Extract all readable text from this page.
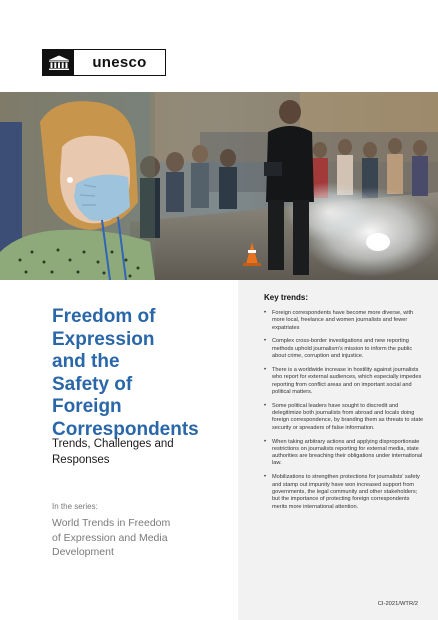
unesco
Freedom of
Expression
and the
Safety of
Foreign
Correspondents
Trends, Challenges and
Responses
In the series:
World Trends in Freedom
of Expression and Media
Development
Key trends:
• Foreign correspondents have become more diverse, with more local, freelance and women journalists and fewer expatriates
• Complex cross-border investigations and new reporting methods uphold journalism’s mission to inform the public about crime, corruption and injustice.
• There is a worldwide increase in hostility against journalists who report for external audiences, which especially impedes reporting from conflict areas and on important social and political matters.
• Some political leaders have sought to discredit and delegitimize both journalists from abroad and locals doing foreign correspondence, by branding them as threats to state security or spreaders of false information.
• When taking arbitrary actions and applying disproportionate restrictions on journalists reporting for external media, state authorities are breaching their obligations under international law.
• Mobilizations to strengthen protections for journalists’ safety and stamp out impunity have won increased support from governments, the legal community and other stakeholders; but the importance of protecting foreign correspondents merits more international attention.
CI-2021/WTR/2
